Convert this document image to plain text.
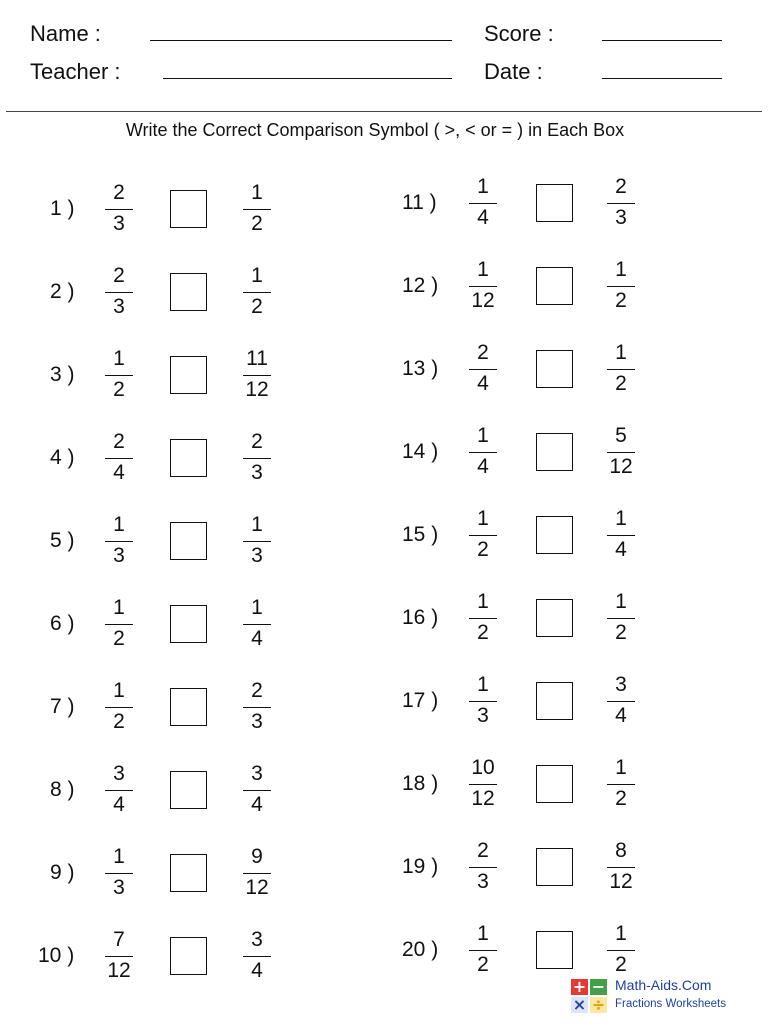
Name :	Score :
Teacher :	Date :
Write the Correct Comparison Symbol ( >, < or = ) in Each Box
1 )
2
3
1
2
2 )
2
3
1
2
3 )
1
2
11
12
4 )
2
4
2
3
5 )
1
3
1
3
6 )
1
2
1
4
7 )
1
2
2
3
8 )
3
4
3
4
9 )
1
3
9
12
10 )
7
12
3
4
11 )
1
4
2
3
12 )
1
12
1
2
13 )
2
4
1
2
14 )
1
4
5
12
15 )
1
2
1
4
16 )
1
2
1
2
17 )
1
3
3
4
18 )
10
12
1
2
19 )
2
3
8
12
20 )
1
2
1
2
+ −
× ÷
Math-Aids.Com
Fractions Worksheets
